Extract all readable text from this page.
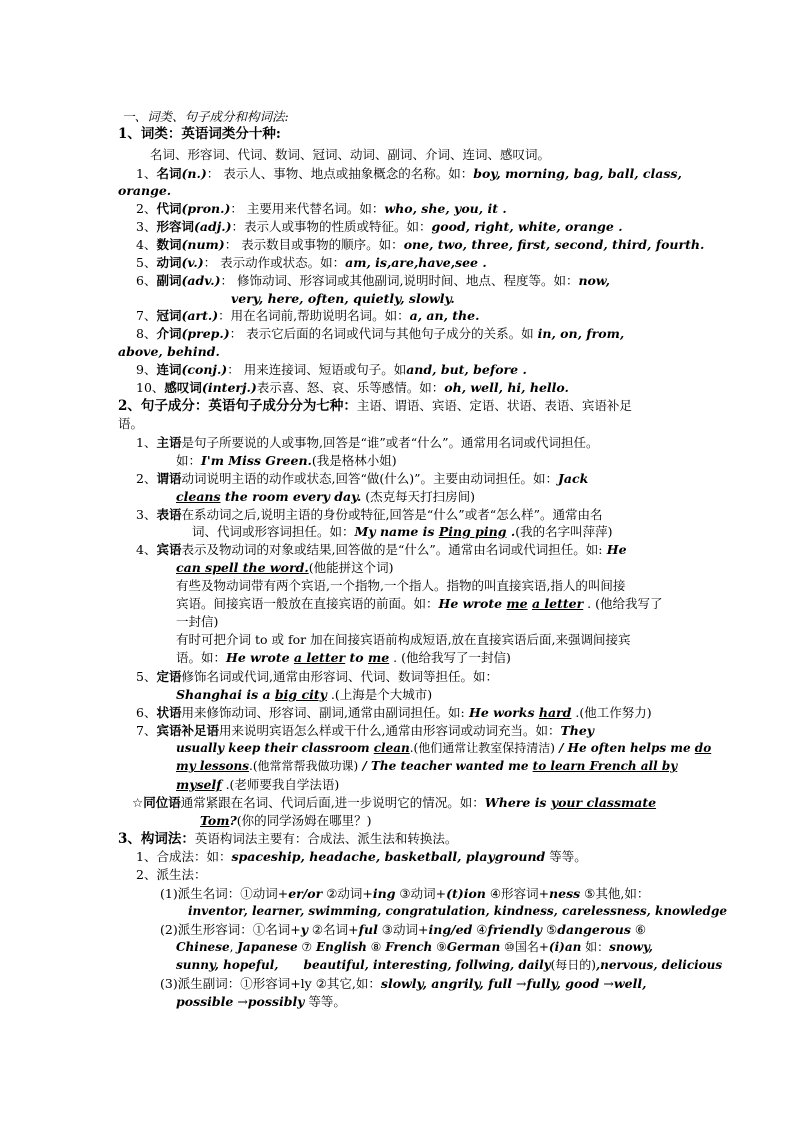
一、词类、句子成分和构词法:
1、词类：英语词类分十种:
名词、形容词、代词、数词、冠词、动词、副词、介词、连词、感叹词。
1、名词(n.)： 表示人、事物、地点或抽象概念的名称。如：boy, morning, bag, ball, class,
orange.
2、代词(pron.)： 主要用来代替名词。如：who, she, you, it .
3、形容词(adj.)：表示人或事物的性质或特征。如：good, right, white, orange .
4、数词(num)： 表示数目或事物的顺序。如：one, two, three, first, second, third, fourth.
5、动词(v.)： 表示动作或状态。如：am, is,are,have,see .
6、副词(adv.)： 修饰动词、形容词或其他副词,说明时间、地点、程度等。如：now,
very, here, often, quietly, slowly.
7、冠词(art.)：用在名词前,帮助说明名词。如：a, an, the.
8、介词(prep.)： 表示它后面的名词或代词与其他句子成分的关系。如 in, on, from,
above, behind.
9、连词(conj.)： 用来连接词、短语或句子。如and, but, before .
10、感叹词(interj.)表示喜、怒、哀、乐等感情。如：oh, well, hi, hello.
2、句子成分：英语句子成分分为七种：主语、谓语、宾语、定语、状语、表语、宾语补足
语。
1、主语是句子所要说的人或事物,回答是“谁”或者“什么”。通常用名词或代词担任。
如：I'm Miss Green.(我是格林小姐)
2、谓语动词说明主语的动作或状态,回答“做(什么)”。主要由动词担任。如：Jack
cleans the room every day. (杰克每天打扫房间)
3、表语在系动词之后,说明主语的身份或特征,回答是“什么”或者“怎么样”。通常由名
词、代词或形容词担任。如：My name is Ping ping .(我的名字叫萍萍)
4、宾语表示及物动词的对象或结果,回答做的是“什么”。通常由名词或代词担任。如: He
can spell the word.(他能拼这个词)
有些及物动词带有两个宾语,一个指物,一个指人。指物的叫直接宾语,指人的叫间接
宾语。间接宾语一般放在直接宾语的前面。如：He wrote me a letter . (他给我写了
一封信)
有时可把介词 to 或 for 加在间接宾语前构成短语,放在直接宾语后面,来强调间接宾
语。如：He wrote a letter to me . (他给我写了一封信)
5、定语修饰名词或代词,通常由形容词、代词、数词等担任。如：
Shanghai is a big city .(上海是个大城市)
6、状语用来修饰动词、形容词、副词,通常由副词担任。如: He works hard .(他工作努力)
7、宾语补足语用来说明宾语怎么样或干什么,通常由形容词或动词充当。如：They
usually keep their classroom clean.(他们通常让教室保持清洁) / He often helps me do
my lessons.(他常常帮我做功课) / The teacher wanted me to learn French all by
myself .(老师要我自学法语)
☆同位语通常紧跟在名词、代词后面,进一步说明它的情况。如：Where is your classmate
Tom?(你的同学汤姆在哪里？)
3、构词法：英语构词法主要有：合成法、派生法和转换法。
1、合成法：如：spaceship, headache, basketball, playground 等等。
2、派生法：
(1)派生名词：①动词+er/or ②动词+ing ③动词+(t)ion ④形容词+ness ⑤其他,如：
inventor, learner, swimming, congratulation, kindness, carelessness, knowledge
(2)派生形容词：①名词+y ②名词+ful ③动词+ing/ed ④friendly ⑤dangerous ⑥
Chinese, Japanese ⑦ English ⑧ French ⑨German ⑩国名+(i)an 如：snowy,
sunny, hopeful,      beautiful, interesting, follwing, daily(每日的),nervous, delicious
(3)派生副词：①形容词+ly ②其它,如：slowly, angrily, full →fully, good →well,
possible →possibly 等等。
